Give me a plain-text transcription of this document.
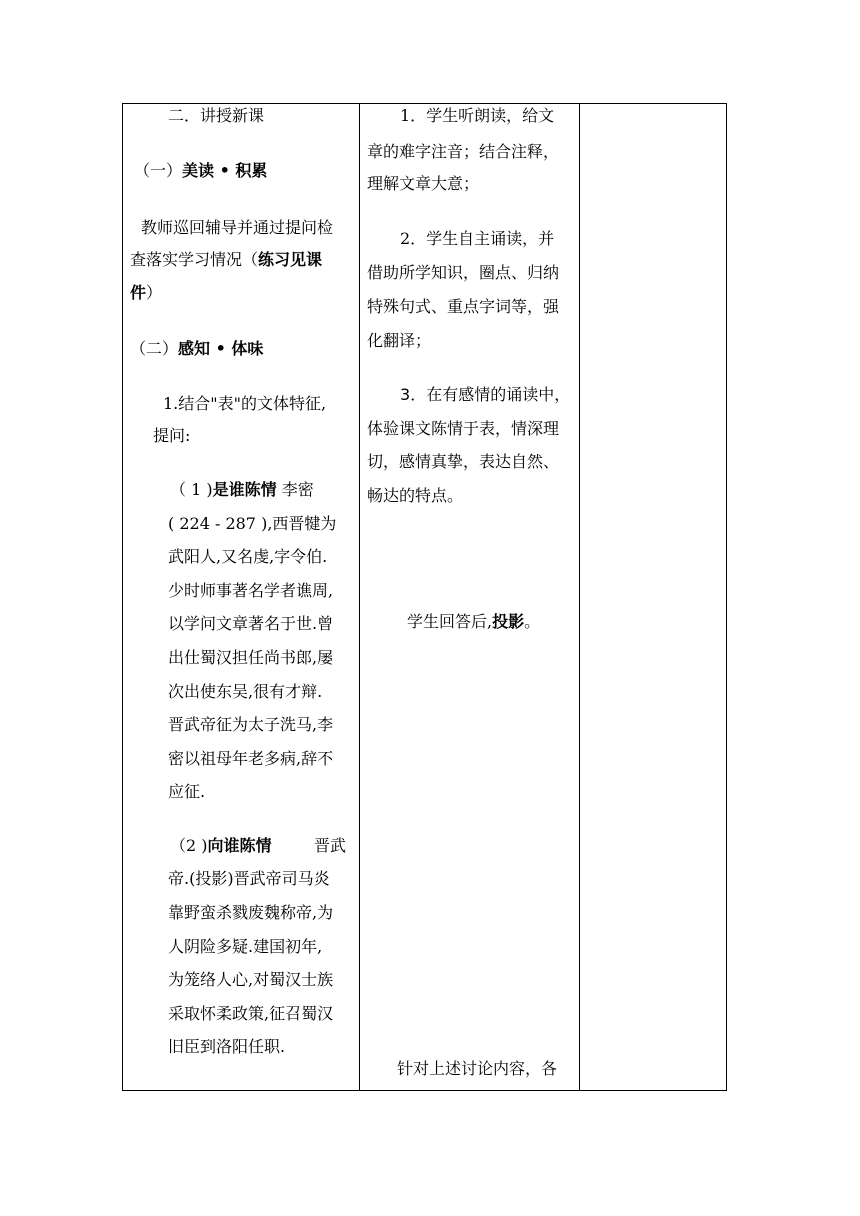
二．讲授新课
（一）美读 • 积累
教师巡回辅导并通过提问检
查落实学习情况（练习见课
件）
（二）感知 • 体味
1.结合"表"的文体特征,
提问:
（ 1 )是谁陈情 李密
( 224 - 287 ),西晋犍为
武阳人,又名虔,字令伯.
少时师事著名学者谯周,
以学问文章著名于世.曾
出仕蜀汉担任尚书郎,屡
次出使东吴,很有才辩.
晋武帝征为太子洗马,李
密以祖母年老多病,辞不
应征.
（2 )向谁陈情	晋武
帝.(投影)晋武帝司马炎
靠野蛮杀戮废魏称帝,为
人阴险多疑.建国初年,
为笼络人心,对蜀汉士族
采取怀柔政策,征召蜀汉
旧臣到洛阳任职.
1．学生听朗读，给文
章的难字注音；结合注释，
理解文章大意；
2．学生自主诵读，并
借助所学知识，圈点、归纳
特殊句式、重点字词等，强
化翻译；
3．在有感情的诵读中，
体验课文陈情于表，情深理
切，感情真挚，表达自然、
畅达的特点。
学生回答后,投影。
针对上述讨论内容，各
